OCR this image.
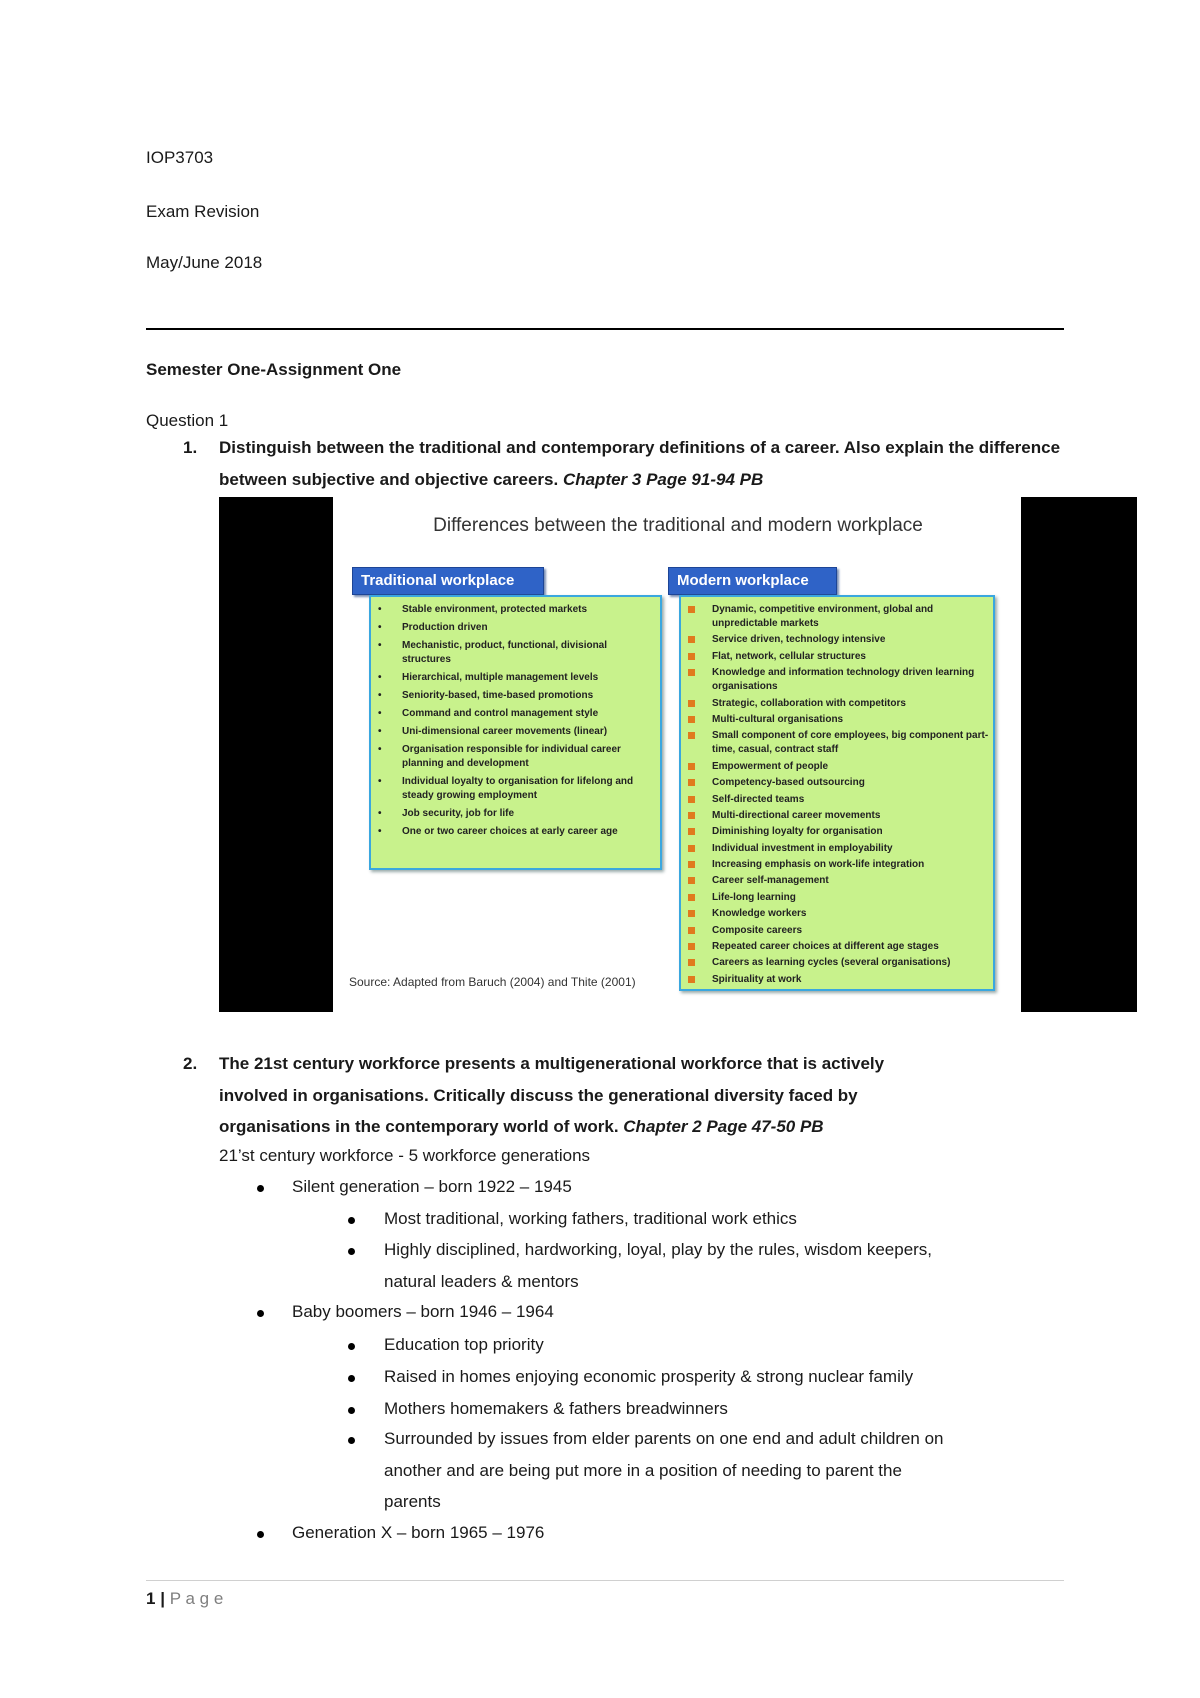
IOP3703
Exam Revision
May/June 2018
Semester One-Assignment One
Question 1
1. Distinguish between the traditional and contemporary definitions of a career. Also explain the difference between subjective and objective careers. Chapter 3 Page 91-94 PB
Differences between the traditional and modern workplace
Traditional workplace
• Stable environment, protected markets
• Production driven
• Mechanistic, product, functional, divisional structures
• Hierarchical, multiple management levels
• Seniority-based, time-based promotions
• Command and control management style
• Uni-dimensional career movements (linear)
• Organisation responsible for individual career planning and development
• Individual loyalty to organisation for lifelong and steady growing employment
• Job security, job for life
• One or two career choices at early career age
Modern workplace
Dynamic, competitive environment, global and unpredictable markets
Service driven, technology intensive
Flat, network, cellular structures
Knowledge and information technology driven learning organisations
Strategic, collaboration with competitors
Multi-cultural organisations
Small component of core employees, big component part-time, casual, contract staff
Empowerment of people
Competency-based outsourcing
Self-directed teams
Multi-directional career movements
Diminishing loyalty for organisation
Individual investment in employability
Increasing emphasis on work-life integration
Career self-management
Life-long learning
Knowledge workers
Composite careers
Repeated career choices at different age stages
Careers as learning cycles (several organisations)
Spirituality at work
Source: Adapted from Baruch (2004) and Thite (2001)
2. The 21st century workforce presents a multigenerational workforce that is actively
involved in organisations. Critically discuss the generational diversity faced by
organisations in the contemporary world of work. Chapter 2 Page 47-50 PB
21’st century workforce - 5 workforce generations
Silent generation – born 1922 – 1945
Most traditional, working fathers, traditional work ethics
Highly disciplined, hardworking, loyal, play by the rules, wisdom keepers,
natural leaders & mentors
Baby boomers – born 1946 – 1964
Education top priority
Raised in homes enjoying economic prosperity & strong nuclear family
Mothers homemakers & fathers breadwinners
Surrounded by issues from elder parents on one end and adult children on
another and are being put more in a position of needing to parent the
parents
Generation X – born 1965 – 1976
1 | P a g e
